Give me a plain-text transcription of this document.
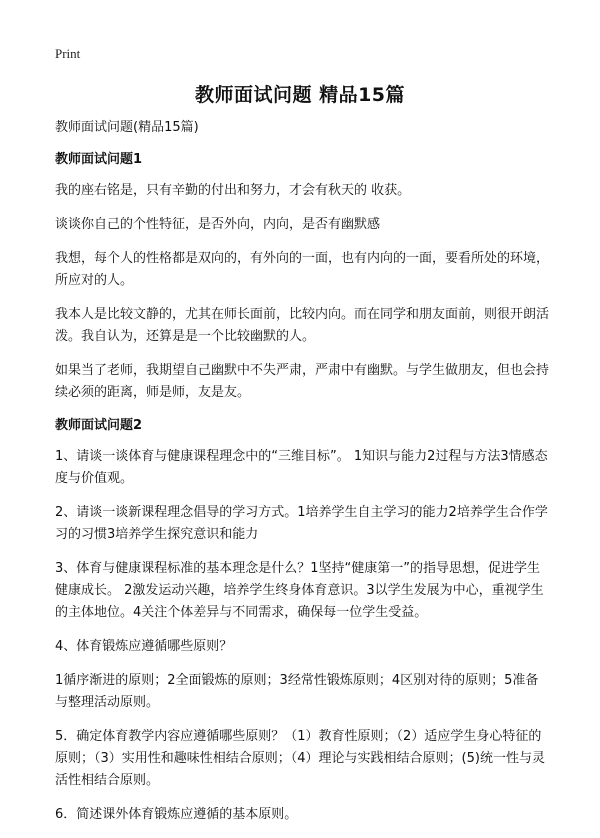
Print
教师面试问题 精品15篇

教师面试问题(精品15篇)

教师面试问题1

我的座右铭是，只有辛勤的付出和努力，才会有秋天的 收获。

谈谈你自己的个性特征，是否外向，内向，是否有幽默感

我想，每个人的性格都是双向的，有外向的一面，也有内向的一面，要看所处的环境，所应对的人。

我本人是比较文静的，尤其在师长面前，比较内向。而在同学和朋友面前，则很开朗活泼。我自认为，还算是是一个比较幽默的人。

如果当了老师，我期望自己幽默中不失严肃，严肃中有幽默。与学生做朋友，但也会持续必须的距离，师是师，友是友。

教师面试问题2

1、请谈一谈体育与健康课程理念中的“三维目标”。 1知识与能力2过程与方法3情感态度与价值观。

2、请谈一谈新课程理念倡导的学习方式。1培养学生自主学习的能力2培养学生合作学习的习惯3培养学生探究意识和能力

3、体育与健康课程标准的基本理念是什么？1坚持“健康第一”的指导思想，促进学生健康成长。 2激发运动兴趣，培养学生终身体育意识。3以学生发展为中心，重视学生的主体地位。4关注个体差异与不同需求，确保每一位学生受益。

4、体育锻炼应遵循哪些原则？

1循序渐进的原则；2全面锻炼的原则；3经常性锻炼原则；4区别对待的原则；5准备与整理活动原则。

5．确定体育教学内容应遵循哪些原则？（1）教育性原则；（2）适应学生身心特征的原则；（3）实用性和趣味性相结合原则；（4）理论与实践相结合原则；(5)统一性与灵活性相结合原则。

6．简述课外体育锻炼应遵循的基本原则。
